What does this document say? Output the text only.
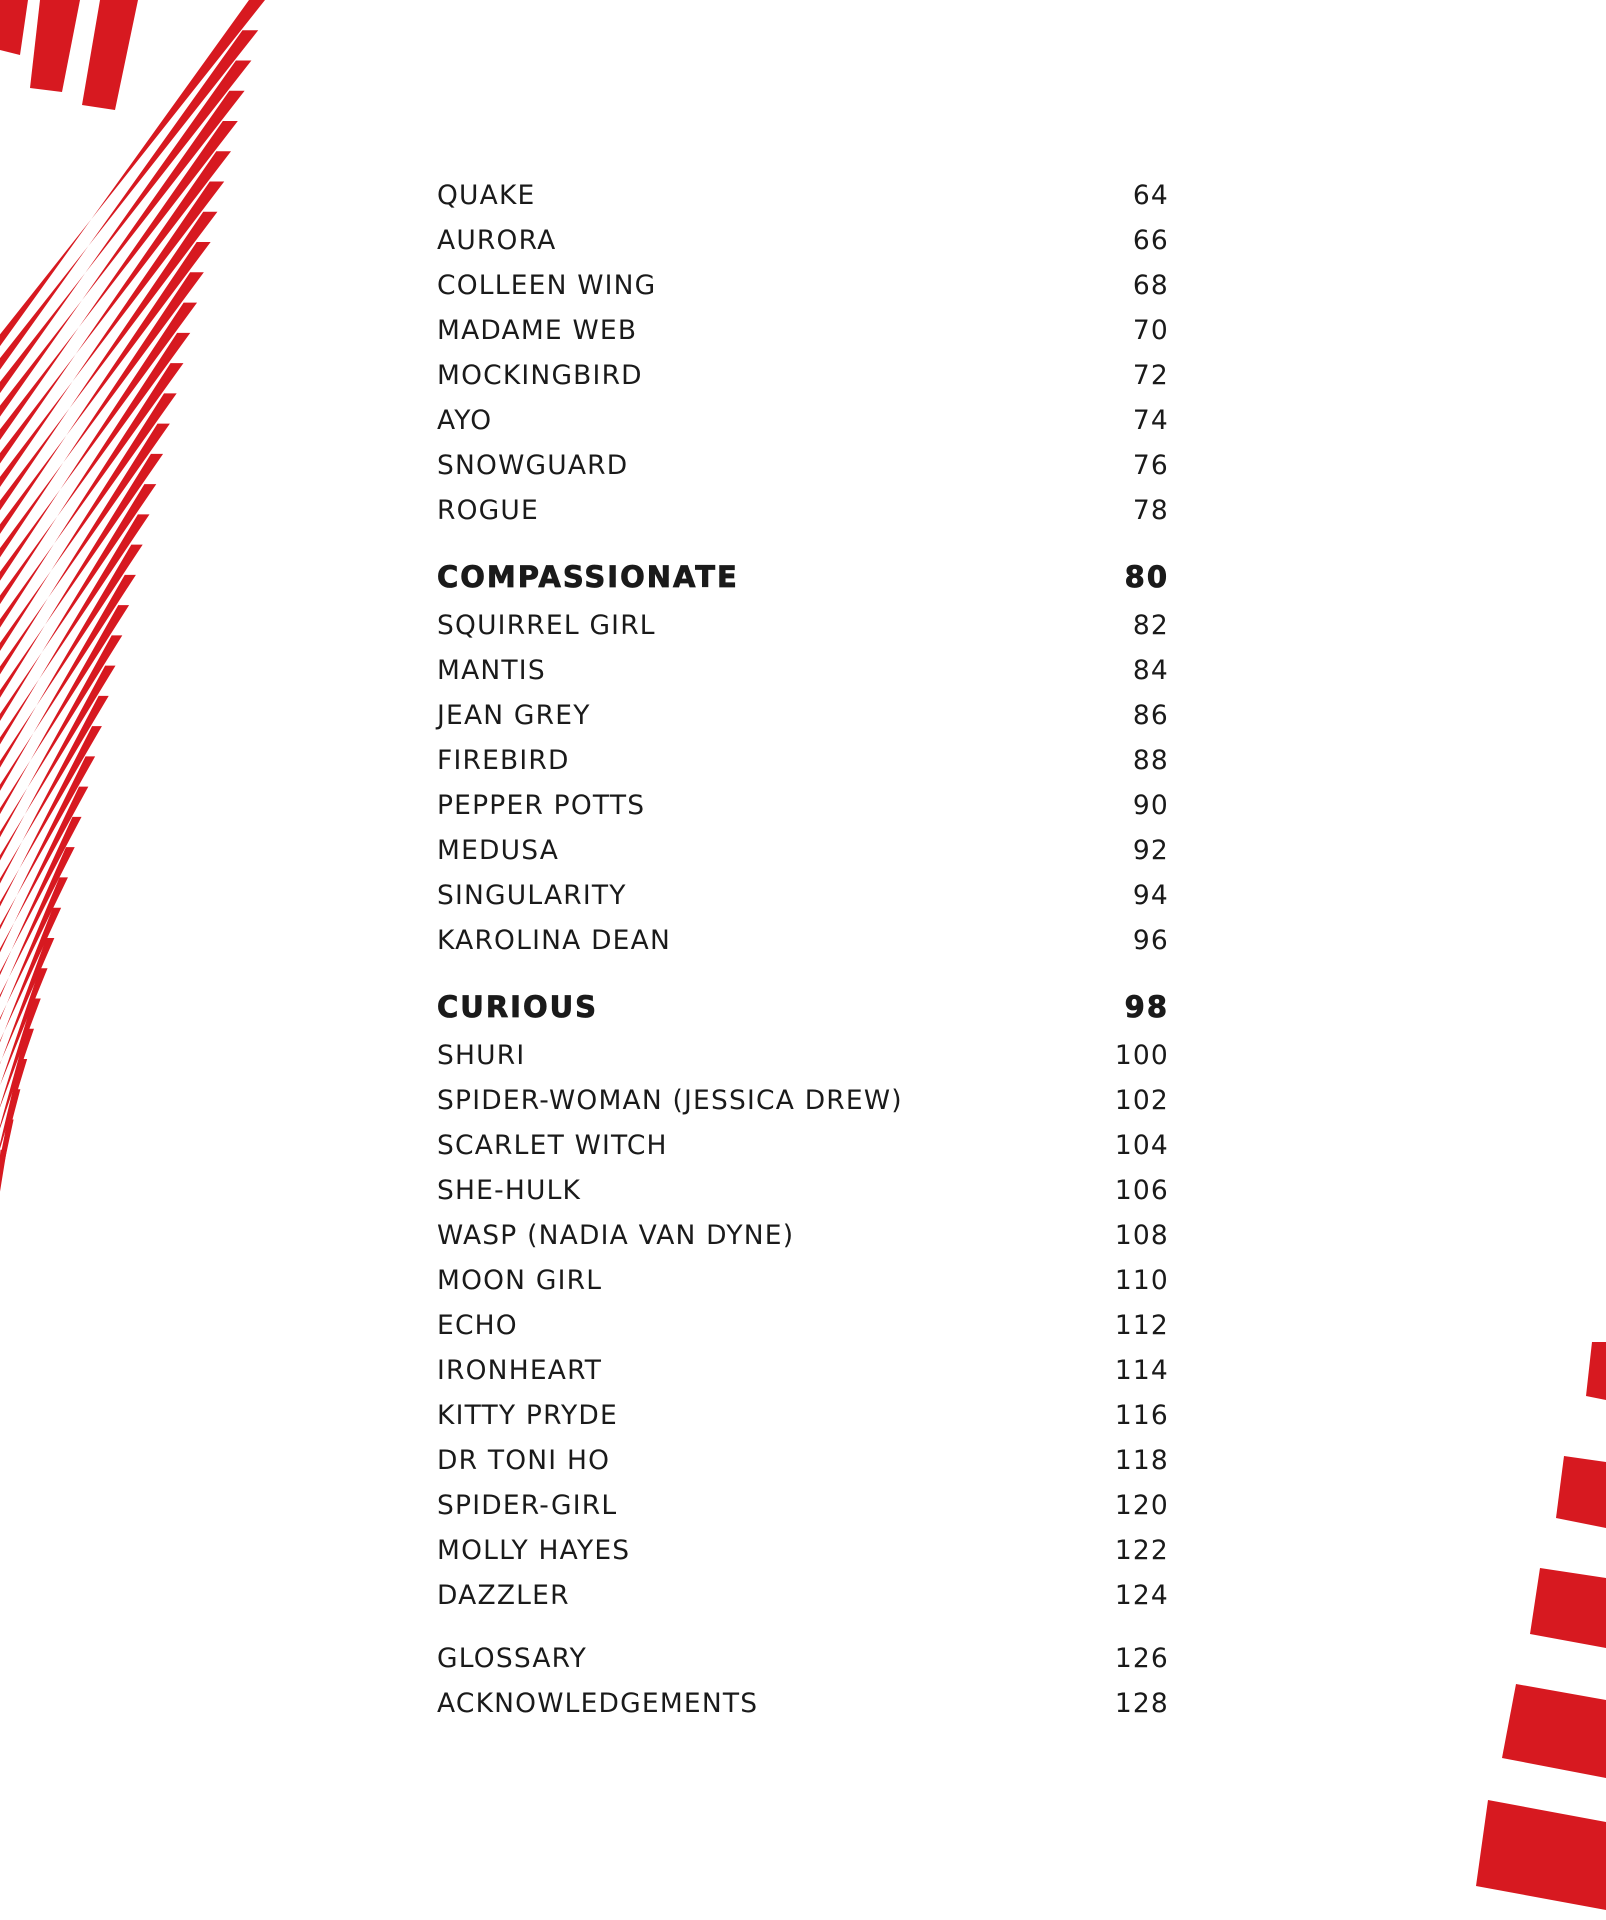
QUAKE	64
AURORA	66
COLLEEN WING	68
MADAME WEB	70
MOCKINGBIRD	72
AYO	74
SNOWGUARD	76
ROGUE	78
COMPASSIONATE	80
SQUIRREL GIRL	82
MANTIS	84
JEAN GREY	86
FIREBIRD	88
PEPPER POTTS	90
MEDUSA	92
SINGULARITY	94
KAROLINA DEAN	96
CURIOUS	98
SHURI	100
SPIDER-WOMAN (JESSICA DREW)	102
SCARLET WITCH	104
SHE-HULK	106
WASP (NADIA VAN DYNE)	108
MOON GIRL	110
ECHO	112
IRONHEART	114
KITTY PRYDE	116
DR TONI HO	118
SPIDER-GIRL	120
MOLLY HAYES	122
DAZZLER	124
GLOSSARY	126
ACKNOWLEDGEMENTS	128
